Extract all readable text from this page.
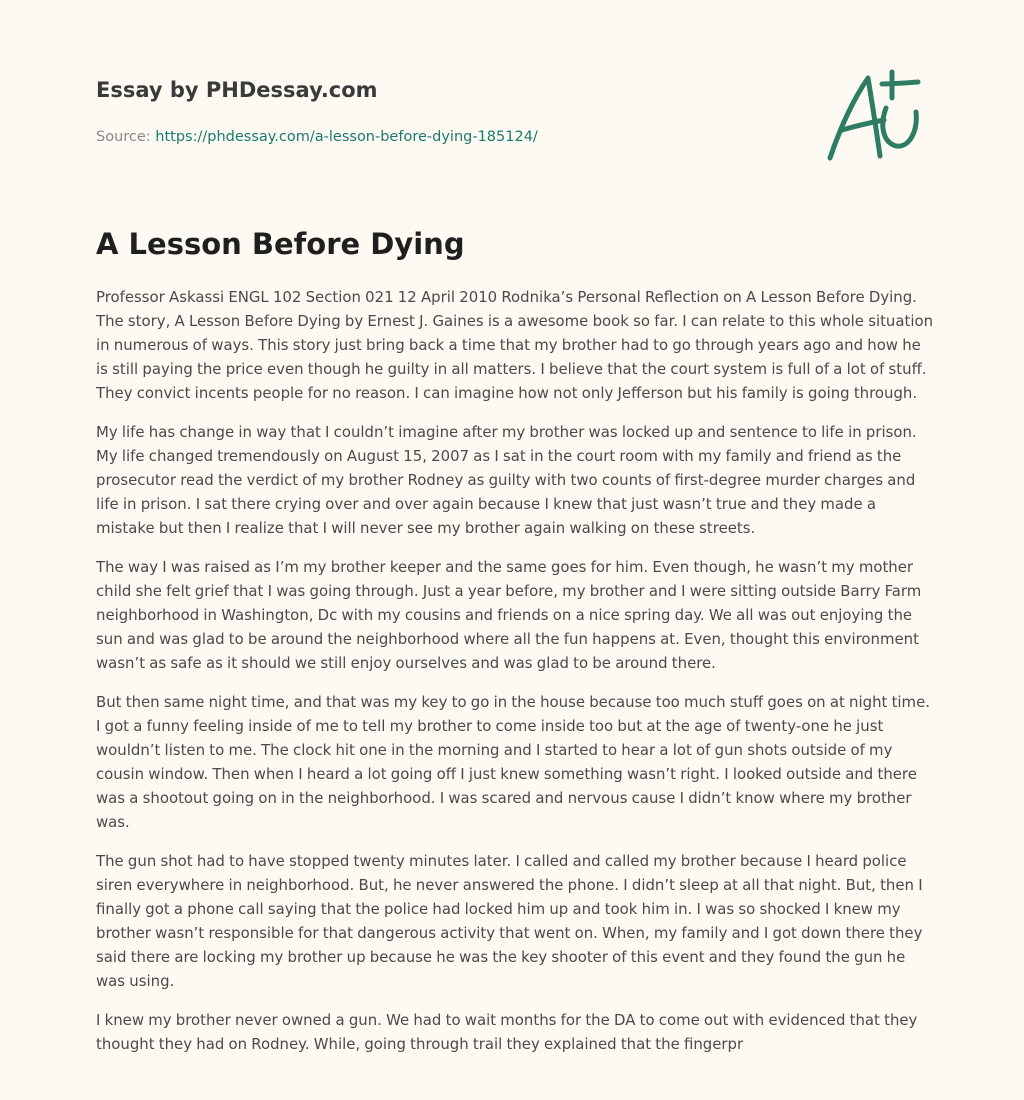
Essay by PHDessay.com
Source: https://phdessay.com/a-lesson-before-dying-185124/
A Lesson Before Dying

Professor Askassi ENGL 102 Section 021 12 April 2010 Rodnika’s Personal Reflection on A Lesson Before Dying. The story, A Lesson Before Dying by Ernest J. Gaines is a awesome book so far. I can relate to this whole situation in numerous of ways. This story just bring back a time that my brother had to go through years ago and how he is still paying the price even though he guilty in all matters. I believe that the court system is full of a lot of stuff. They convict incents people for no reason. I can imagine how not only Jefferson but his family is going through.

My life has change in way that I couldn’t imagine after my brother was locked up and sentence to life in prison. My life changed tremendously on August 15, 2007 as I sat in the court room with my family and friend as the prosecutor read the verdict of my brother Rodney as guilty with two counts of first-degree murder charges and life in prison. I sat there crying over and over again because I knew that just wasn’t true and they made a mistake but then I realize that I will never see my brother again walking on these streets.

The way I was raised as I’m my brother keeper and the same goes for him. Even though, he wasn’t my mother child she felt grief that I was going through. Just a year before, my brother and I were sitting outside Barry Farm neighborhood in Washington, Dc with my cousins and friends on a nice spring day. We all was out enjoying the sun and was glad to be around the neighborhood where all the fun happens at. Even, thought this environment wasn’t as safe as it should we still enjoy ourselves and was glad to be around there.

But then same night time, and that was my key to go in the house because too much stuff goes on at night time. I got a funny feeling inside of me to tell my brother to come inside too but at the age of twenty-one he just wouldn’t listen to me. The clock hit one in the morning and I started to hear a lot of gun shots outside of my cousin window. Then when I heard a lot going off I just knew something wasn’t right. I looked outside and there was a shootout going on in the neighborhood. I was scared and nervous cause I didn’t know where my brother was.

The gun shot had to have stopped twenty minutes later. I called and called my brother because I heard police siren everywhere in neighborhood. But, he never answered the phone. I didn’t sleep at all that night. But, then I finally got a phone call saying that the police had locked him up and took him in. I was so shocked I knew my brother wasn’t responsible for that dangerous activity that went on. When, my family and I got down there they said there are locking my brother up because he was the key shooter of this event and they found the gun he was using.

I knew my brother never owned a gun. We had to wait months for the DA to come out with evidenced that they thought they had on Rodney. While, going through trail they explained that the fingerpr
